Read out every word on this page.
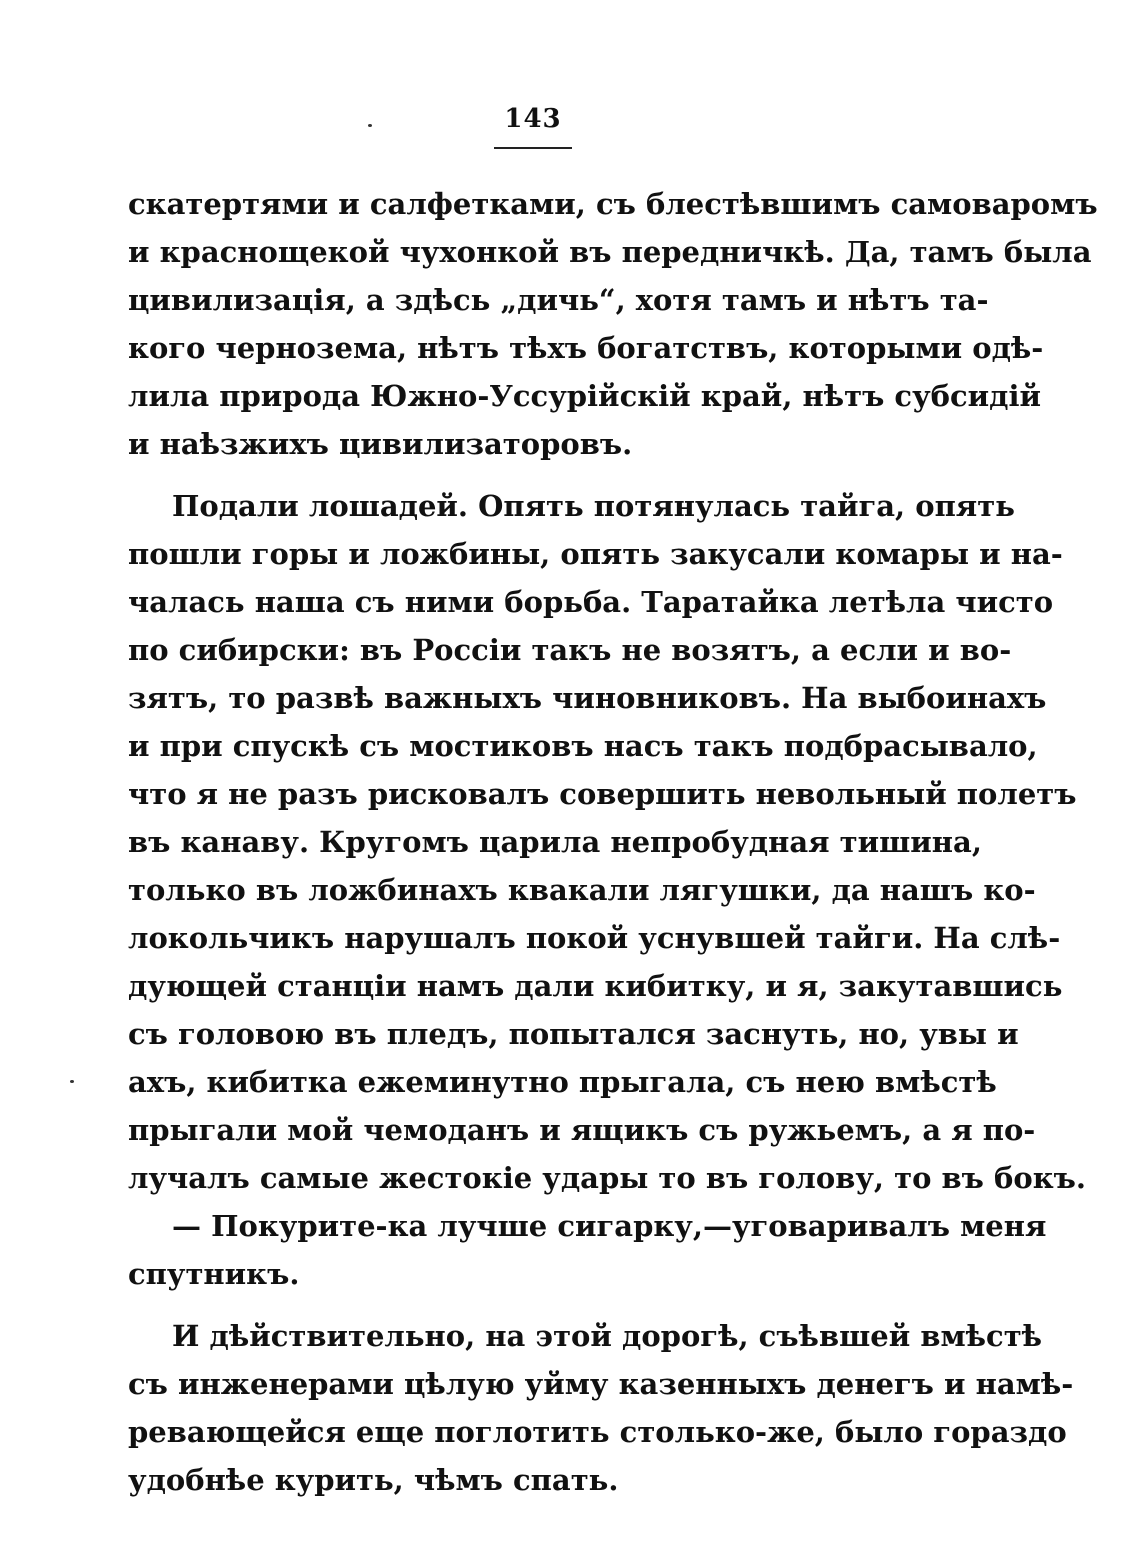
143
скатертями и салфетками, съ блестѣвшимъ самоваромъ
и краснощекой чухонкой въ передничкѣ. Да, тамъ была
цивилизація, а здѣсь „дичь“, хотя тамъ и нѣтъ та-
кого чернозема, нѣтъ тѣхъ богатствъ, которыми одѣ-
лила природа Южно-Уссурійскій край, нѣтъ субсидій
и наѣзжихъ цивилизаторовъ.
Подали лошадей. Опять потянулась тайга, опять
пошли горы и ложбины, опять закусали комары и на-
чалась наша съ ними борьба. Таратайка летѣла чисто
по сибирски: въ Россіи такъ не возятъ, а если и во-
зятъ, то развѣ важныхъ чиновниковъ. На выбоинахъ
и при спускѣ съ мостиковъ насъ такъ подбрасывало,
что я не разъ рисковалъ совершить невольный полетъ
въ канаву. Кругомъ царила непробудная тишина,
только въ ложбинахъ квакали лягушки, да нашъ ко-
локольчикъ нарушалъ покой уснувшей тайги. На слѣ-
дующей станціи намъ дали кибитку, и я, закутавшись
съ головою въ пледъ, попытался заснуть, но, увы и
ахъ, кибитка ежеминутно прыгала, съ нею вмѣстѣ
прыгали мой чемоданъ и ящикъ съ ружьемъ, а я по-
лучалъ самые жестокіе удары то въ голову, то въ бокъ.
— Покурите-ка лучше сигарку,—уговаривалъ меня
спутникъ.
И дѣйствительно, на этой дорогѣ, съѣвшей вмѣстѣ
съ инженерами цѣлую уйму казенныхъ денегъ и намѣ-
ревающейся еще поглотить столько-же, было гораздо
удобнѣе курить, чѣмъ спать.
